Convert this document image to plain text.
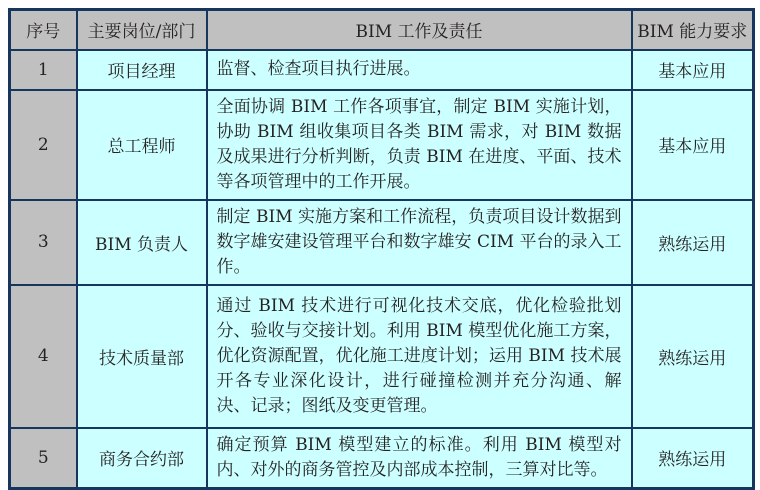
序号	主要岗位/部门	BIM 工作及责任	BIM 能力要求
1	项目经理	监督、检查项目执行进展。	基本应用
2	总工程师	全面协调 BIM 工作各项事宜，制定 BIM 实施计划，协助 BIM 组收集项目各类 BIM 需求，对 BIM 数据及成果进行分析判断，负责 BIM 在进度、平面、技术等各项管理中的工作开展。	基本应用
3	BIM 负责人	制定 BIM 实施方案和工作流程，负责项目设计数据到数字雄安建设管理平台和数字雄安 CIM 平台的录入工作。	熟练运用
4	技术质量部	通过 BIM 技术进行可视化技术交底，优化检验批划分、验收与交接计划。利用 BIM 模型优化施工方案，优化资源配置，优化施工进度计划；运用 BIM 技术展开各专业深化设计，进行碰撞检测并充分沟通、解决、记录；图纸及变更管理。	熟练运用
5	商务合约部	确定预算 BIM 模型建立的标准。利用 BIM 模型对内、对外的商务管控及内部成本控制，三算对比等。	熟练运用
